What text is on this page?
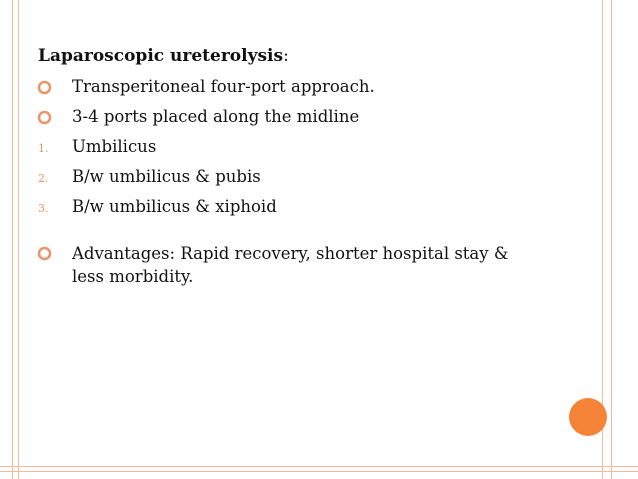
Laparoscopic ureterolysis:
Transperitoneal four-port approach.
3-4 ports placed along the midline
1. Umbilicus
2. B/w umbilicus & pubis
3. B/w umbilicus & xiphoid
Advantages: Rapid recovery, shorter hospital stay & less morbidity.
